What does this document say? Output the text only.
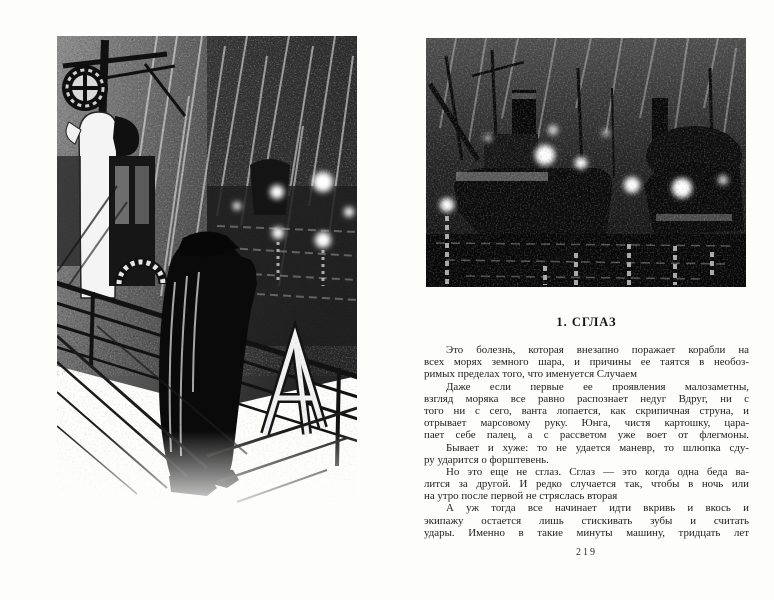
1. СГЛАЗ
Это болезнь, которая внезапно поражает корабли на
всех морях земного шара, и причины ее таятся в необоз-
римых пределах того, что именуется Случаем
Даже если первые ее проявления малозаметны,
взгляд моряка все равно распознает недуг Вдруг, ни с
того ни с сего, ванта лопается, как скрипичная струна, и
отрывает марсовому руку. Юнга, чистя картошку, цара-
пает себе палец, а с рассветом уже воет от флегмоны.
Бывает и хуже: то не удается маневр, то шлюпка сду-
ру ударится о форштевень.
Но это еще не сглаз. Сглаз — это когда одна беда ва-
лится за другой. И редко случается так, чтобы в ночь или
на утро после первой не стряслась вторая
А уж тогда все начинает идти вкривь и вкось и
экипажу остается лишь стискивать зубы и считать
удары. Именно в такие минуты машину, тридцать лет
219
